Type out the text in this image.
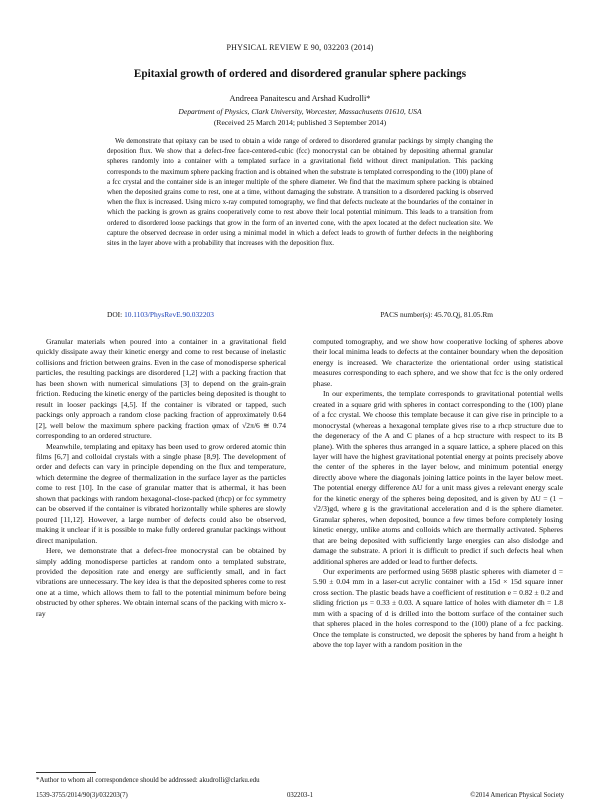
PHYSICAL REVIEW E 90, 032203 (2014)
Epitaxial growth of ordered and disordered granular sphere packings
Andreea Panaitescu and Arshad Kudrolli*
Department of Physics, Clark University, Worcester, Massachusetts 01610, USA
(Received 25 March 2014; published 3 September 2014)
We demonstrate that epitaxy can be used to obtain a wide range of ordered to disordered granular packings by simply changing the deposition flux. We show that a defect-free face-centered-cubic (fcc) monocrystal can be obtained by depositing athermal granular spheres randomly into a container with a templated surface in a gravitational field without direct manipulation. This packing corresponds to the maximum sphere packing fraction and is obtained when the substrate is templated corresponding to the (100) plane of a fcc crystal and the container side is an integer multiple of the sphere diameter. We find that the maximum sphere packing is obtained when the deposited grains come to rest, one at a time, without damaging the substrate. A transition to a disordered packing is observed when the flux is increased. Using micro x-ray computed tomography, we find that defects nucleate at the boundaries of the container in which the packing is grown as grains cooperatively come to rest above their local potential minimum. This leads to a transition from ordered to disordered loose packings that grow in the form of an inverted cone, with the apex located at the defect nucleation site. We capture the observed decrease in order using a minimal model in which a defect leads to growth of further defects in the neighboring sites in the layer above with a probability that increases with the deposition flux.
DOI: 10.1103/PhysRevE.90.032203	PACS number(s): 45.70.Qj, 81.05.Rm

Granular materials when poured into a container in a gravitational field quickly dissipate away their kinetic energy and come to rest because of inelastic collisions and friction between grains. Even in the case of monodisperse spherical particles, the resulting packings are disordered [1,2] with a packing fraction that has been shown with numerical simulations [3] to depend on the grain-grain friction. Reducing the kinetic energy of the particles being deposited is thought to result in looser packings [4,5]. If the container is vibrated or tapped, such packings only approach a random close packing fraction of approximately 0.64 [2], well below the maximum sphere packing fraction φmax of √2π/6 ≅ 0.74 corresponding to an ordered structure.

Meanwhile, templating and epitaxy has been used to grow ordered atomic thin films [6,7] and colloidal crystals with a single phase [8,9]. The development of order and defects can vary in principle depending on the flux and temperature, which determine the degree of thermalization in the surface layer as the particles come to rest [10]. In the case of granular matter that is athermal, it has been shown that packings with random hexagonal-close-packed (rhcp) or fcc symmetry can be observed if the container is vibrated horizontally while spheres are slowly poured [11,12]. However, a large number of defects could also be observed, making it unclear if it is possible to make fully ordered granular packings without direct manipulation.

Here, we demonstrate that a defect-free monocrystal can be obtained by simply adding monodisperse particles at random onto a templated substrate, provided the deposition rate and energy are sufficiently small, and in fact vibrations are unnecessary. The key idea is that the deposited spheres come to rest one at a time, which allows them to fall to the potential minimum before being obstructed by other spheres. We obtain internal scans of the packing with micro x-ray

computed tomography, and we show how cooperative locking of spheres above their local minima leads to defects at the container boundary when the deposition energy is increased. We characterize the orientational order using statistical measures corresponding to each sphere, and we show that fcc is the only ordered phase.

In our experiments, the template corresponds to gravitational potential wells created in a square grid with spheres in contact corresponding to the (100) plane of a fcc crystal. We choose this template because it can give rise in principle to a monocrystal (whereas a hexagonal template gives rise to a rhcp structure due to the degeneracy of the A and C planes of a hcp structure with respect to its B plane). With the spheres thus arranged in a square lattice, a sphere placed on this layer will have the highest gravitational potential energy at points precisely above the center of the spheres in the layer below, and minimum potential energy directly above where the diagonals joining lattice points in the layer below meet. The potential energy difference ΔU for a unit mass gives a relevant energy scale for the kinetic energy of the spheres being deposited, and is given by ΔU = (1 − √2/3)gd, where g is the gravitational acceleration and d is the sphere diameter. Granular spheres, when deposited, bounce a few times before completely losing kinetic energy, unlike atoms and colloids which are thermally activated. Spheres that are being deposited with sufficiently large energies can also dislodge and damage the substrate. A priori it is difficult to predict if such defects heal when additional spheres are added or lead to further defects.

Our experiments are performed using 5698 plastic spheres with diameter d = 5.90 ± 0.04 mm in a laser-cut acrylic container with a 15d × 15d square inner cross section. The plastic beads have a coefficient of restitution e = 0.82 ± 0.2 and sliding friction μs = 0.33 ± 0.03. A square lattice of holes with diameter dh = 1.8 mm with a spacing of d is drilled into the bottom surface of the container such that spheres placed in the holes correspond to the (100) plane of a fcc packing. Once the template is constructed, we deposit the spheres by hand from a height h above the top layer with a random position in the

*Author to whom all correspondence should be addressed: akudrolli@clarku.edu
1539-3755/2014/90(3)/032203(7)	032203-1	©2014 American Physical Society
